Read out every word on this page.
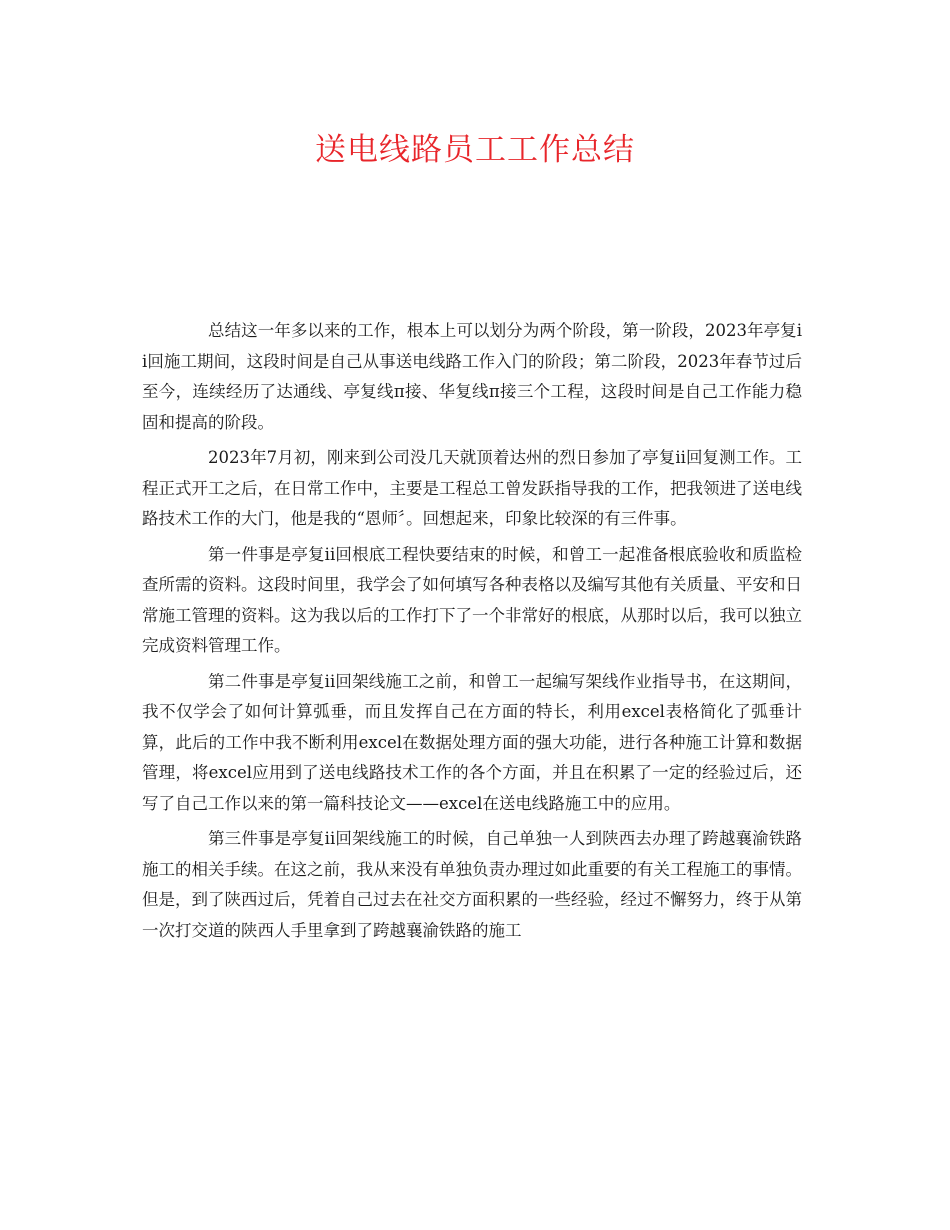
送电线路员工工作总结

总结这一年多以来的工作，根本上可以划分为两个阶段，第一阶段，2023年亭复ii回施工期间，这段时间是自己从事送电线路工作入门的阶段；第二阶段，2023年春节过后至今，连续经历了达通线、亭复线π接、华复线π接三个工程，这段时间是自己工作能力稳固和提高的阶段。

2023年7月初，刚来到公司没几天就顶着达州的烈日参加了亭复ii回复测工作。工程正式开工之后，在日常工作中，主要是工程总工曾发跃指导我的工作，把我领进了送电线路技术工作的大门，他是我的“恩师〞。回想起来，印象比较深的有三件事。

第一件事是亭复ii回根底工程快要结束的时候，和曾工一起准备根底验收和质监检查所需的资料。这段时间里，我学会了如何填写各种表格以及编写其他有关质量、平安和日常施工管理的资料。这为我以后的工作打下了一个非常好的根底，从那时以后，我可以独立完成资料管理工作。

第二件事是亭复ii回架线施工之前，和曾工一起编写架线作业指导书，在这期间，我不仅学会了如何计算弧垂，而且发挥自己在方面的特长，利用excel表格简化了弧垂计算，此后的工作中我不断利用excel在数据处理方面的强大功能，进行各种施工计算和数据管理，将excel应用到了送电线路技术工作的各个方面，并且在积累了一定的经验过后，还写了自己工作以来的第一篇科技论文——excel在送电线路施工中的应用。

第三件事是亭复ii回架线施工的时候，自己单独一人到陕西去办理了跨越襄渝铁路施工的相关手续。在这之前，我从来没有单独负责办理过如此重要的有关工程施工的事情。但是，到了陕西过后，凭着自己过去在社交方面积累的一些经验，经过不懈努力，终于从第一次打交道的陕西人手里拿到了跨越襄渝铁路的施工
